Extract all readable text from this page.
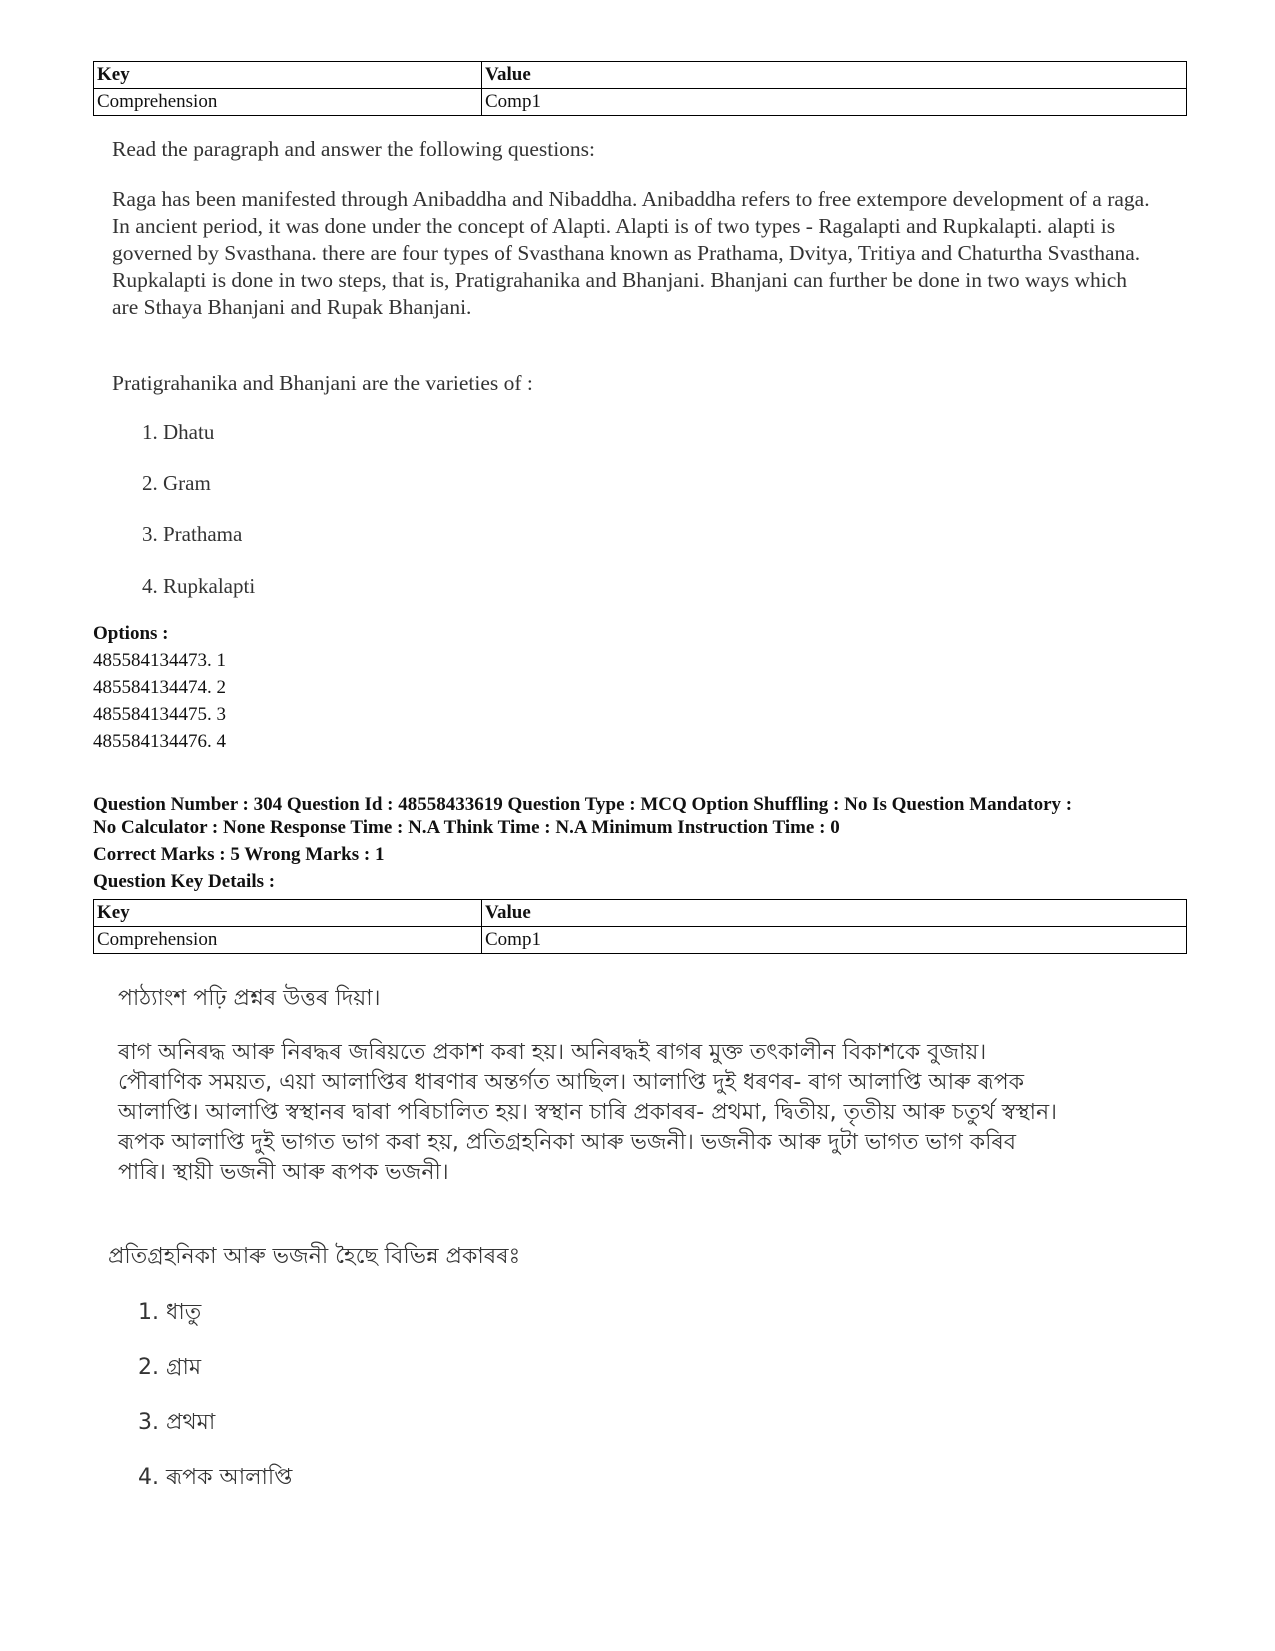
Key	Value
Comprehension	Comp1
Read the paragraph and answer the following questions:
Raga has been manifested through Anibaddha and Nibaddha. Anibaddha refers to free extempore development of a raga. In ancient period, it was done under the concept of Alapti. Alapti is of two types - Ragalapti and Rupkalapti. alapti is governed by Svasthana. there are four types of Svasthana known as Prathama, Dvitya, Tritiya and Chaturtha Svasthana. Rupkalapti is done in two steps, that is, Pratigrahanika and Bhanjani. Bhanjani can further be done in two ways which are Sthaya Bhanjani and Rupak Bhanjani.
Pratigrahanika and Bhanjani are the varieties of :
1. Dhatu
2. Gram
3. Prathama
4. Rupkalapti
Options :
485584134473. 1
485584134474. 2
485584134475. 3
485584134476. 4
Question Number : 304 Question Id : 48558433619 Question Type : MCQ Option Shuffling : No Is Question Mandatory :
No Calculator : None Response Time : N.A Think Time : N.A Minimum Instruction Time : 0
Correct Marks : 5 Wrong Marks : 1
Question Key Details :
Key	Value
Comprehension	Comp1
পাঠ্যাংশ পঢ়ি প্ৰশ্নৰ উত্তৰ দিয়া।
ৰাগ অনিৰদ্ধ আৰু নিৰদ্ধৰ জৰিয়তে প্ৰকাশ কৰা হয়। অনিৰদ্ধই ৰাগৰ মুক্ত তৎকালীন বিকাশকে বুজায়।
পৌৰাণিক সময়ত, এয়া আলাপ্তিৰ ধাৰণাৰ অন্তৰ্গত আছিল। আলাপ্তি দুই ধৰণৰ- ৰাগ আলাপ্তি আৰু ৰূপক
আলাপ্তি। আলাপ্তি স্বস্থানৰ দ্বাৰা পৰিচালিত হয়। স্বস্থান চাৰি প্ৰকাৰৰ- প্ৰথমা, দ্বিতীয়, তৃতীয় আৰু চতুৰ্থ স্বস্থান।
ৰূপক আলাপ্তি দুই ভাগত ভাগ কৰা হয়, প্ৰতিগ্ৰহনিকা আৰু ভজনী। ভজনীক আৰু দুটা ভাগত ভাগ কৰিব
পাৰি। স্থায়ী ভজনী আৰু ৰূপক ভজনী।
প্ৰতিগ্ৰহনিকা আৰু ভজনী হৈছে বিভিন্ন প্ৰকাৰৰঃ
1. ধাতু
2. গ্ৰাম
3. প্ৰথমা
4. ৰূপক আলাপ্তি
